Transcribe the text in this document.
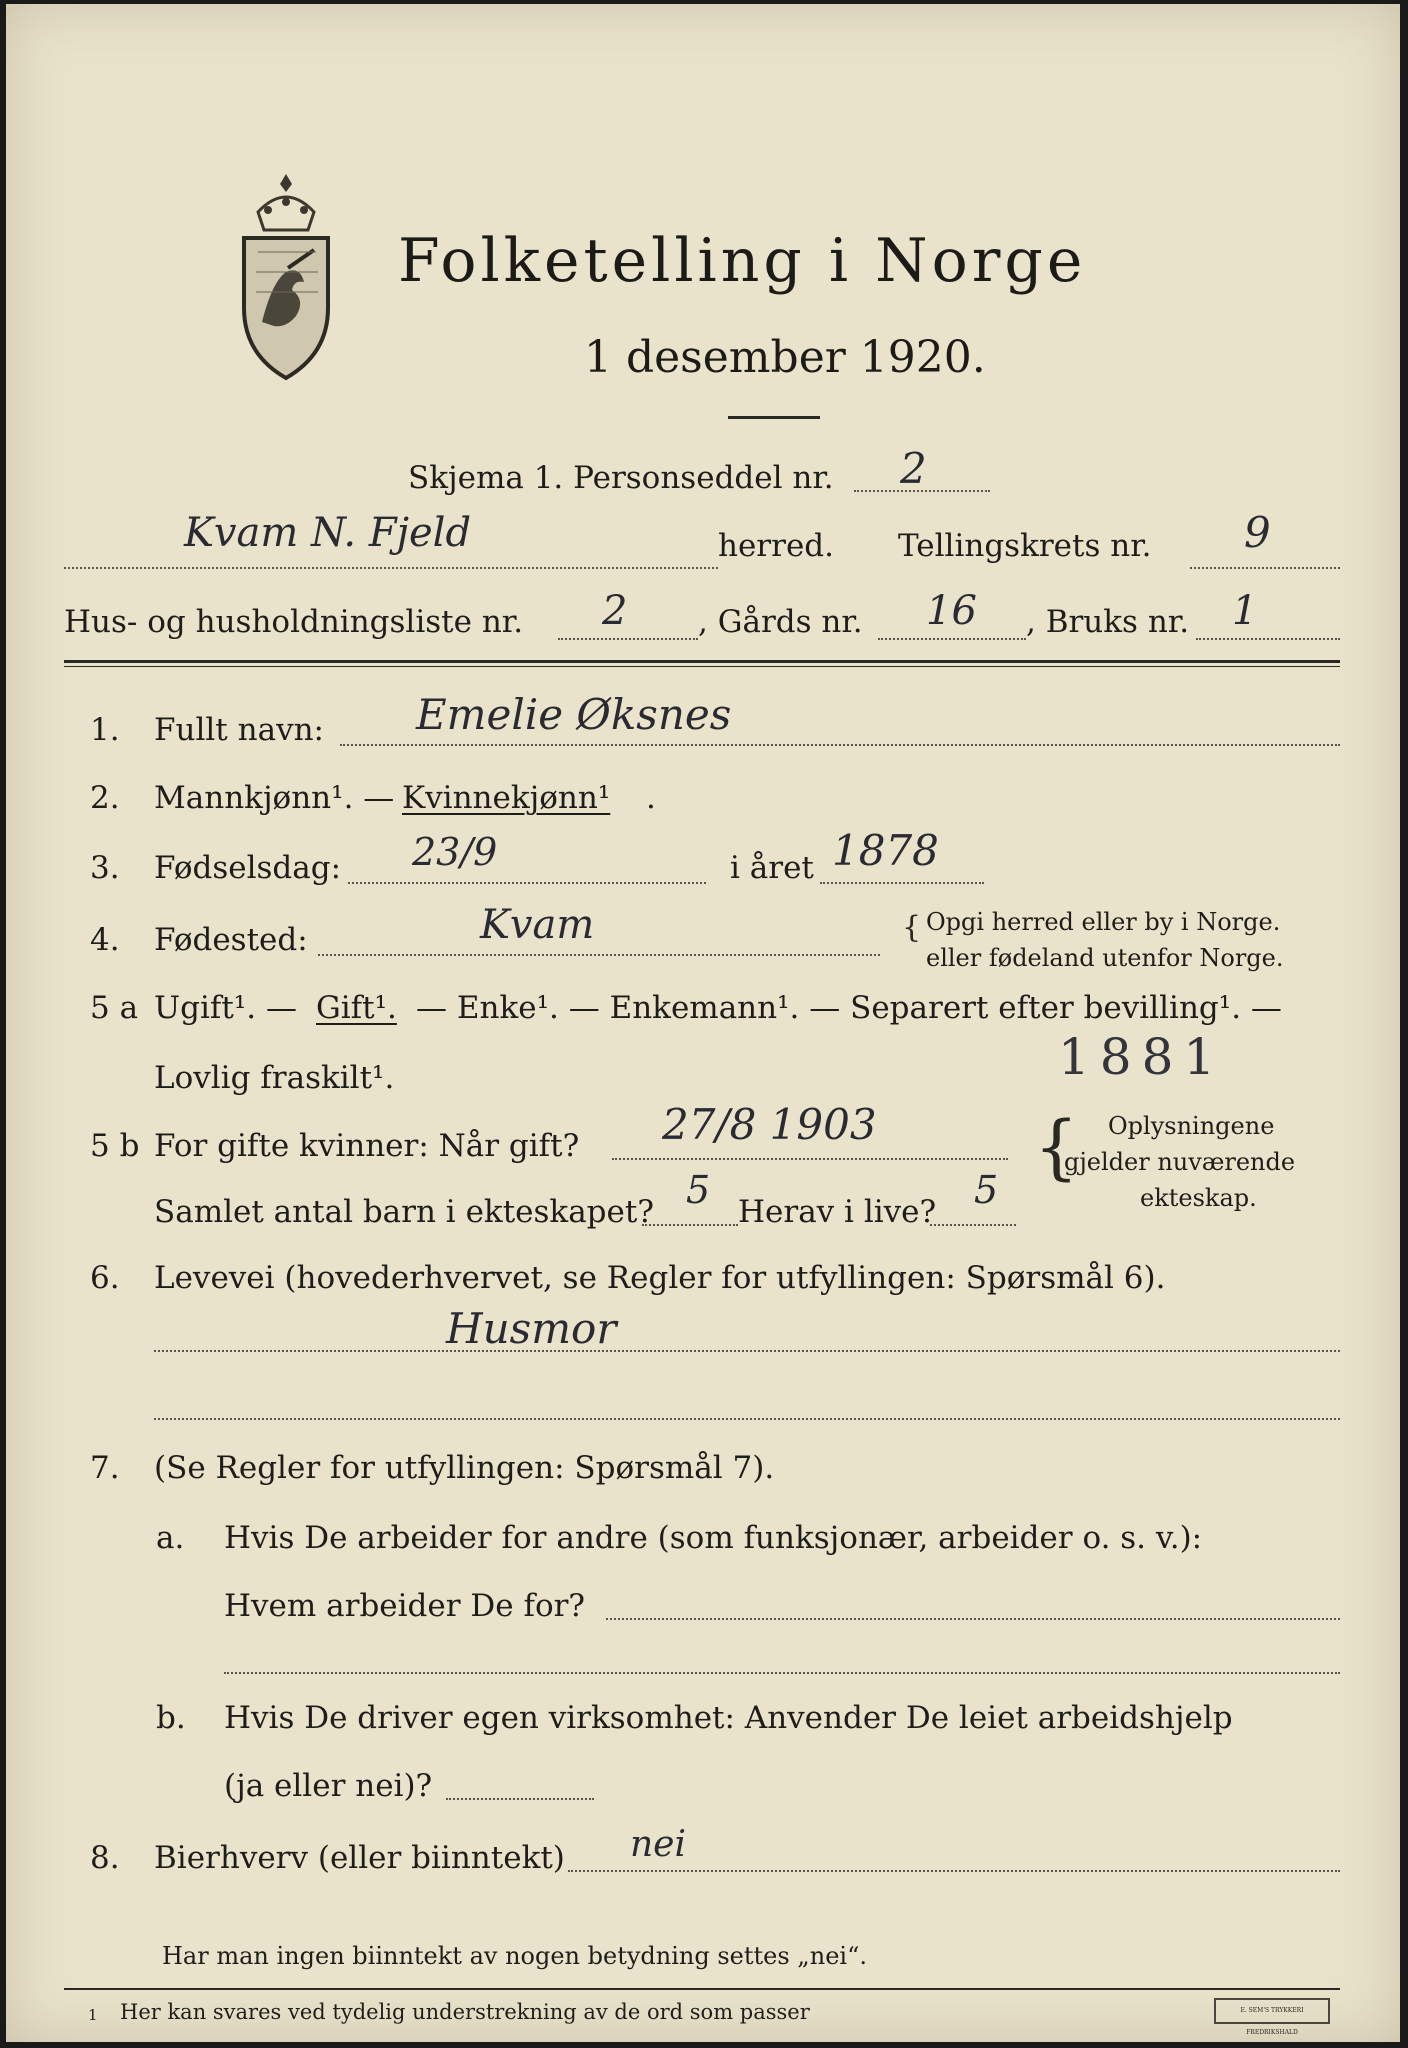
Folketelling i Norge
1 desember 1920.
Skjema 1. Personseddel nr. 2
Kvam N. Fjeld	herred. Tellingskrets nr. 9
Hus- og husholdningsliste nr. 2 , Gårds nr. 16 , Bruks nr. 1
1. Fullt navn: Emelie Øksnes
2. Mannkjønn¹. — Kvinnekjønn¹ .
3. Fødselsdag: 23/9	i året 1878
4. Fødested:	Kvam	{ Opgi herred eller by i Norge.
eller fødeland utenfor Norge.
5 a Ugift¹. — Gift¹. — Enke¹. — Enkemann¹. — Separert efter bevilling¹. —
Lovlig fraskilt¹.	1881
5 b For gifte kvinner: Når gift? 27/8 1903
Samlet antal barn i ekteskapet? 5 Herav i live? 5
{ Oplysningene
gjelder nuværende
ekteskap.
6. Levevei (hovederhvervet, se Regler for utfyllingen: Spørsmål 6).
Husmor
7. (Se Regler for utfyllingen: Spørsmål 7).
a. Hvis De arbeider for andre (som funksjonær, arbeider o. s. v.):
Hvem arbeider De for?
b. Hvis De driver egen virksomhet: Anvender De leiet arbeidshjelp
(ja eller nei)?
8. Bierhverv (eller biinntekt) nei
Har man ingen biinntekt av nogen betydning settes „nei“.
1 Her kan svares ved tydelig understrekning av de ord som passer	E. SEM'S TRYKKERI FREDRIKSHALD
